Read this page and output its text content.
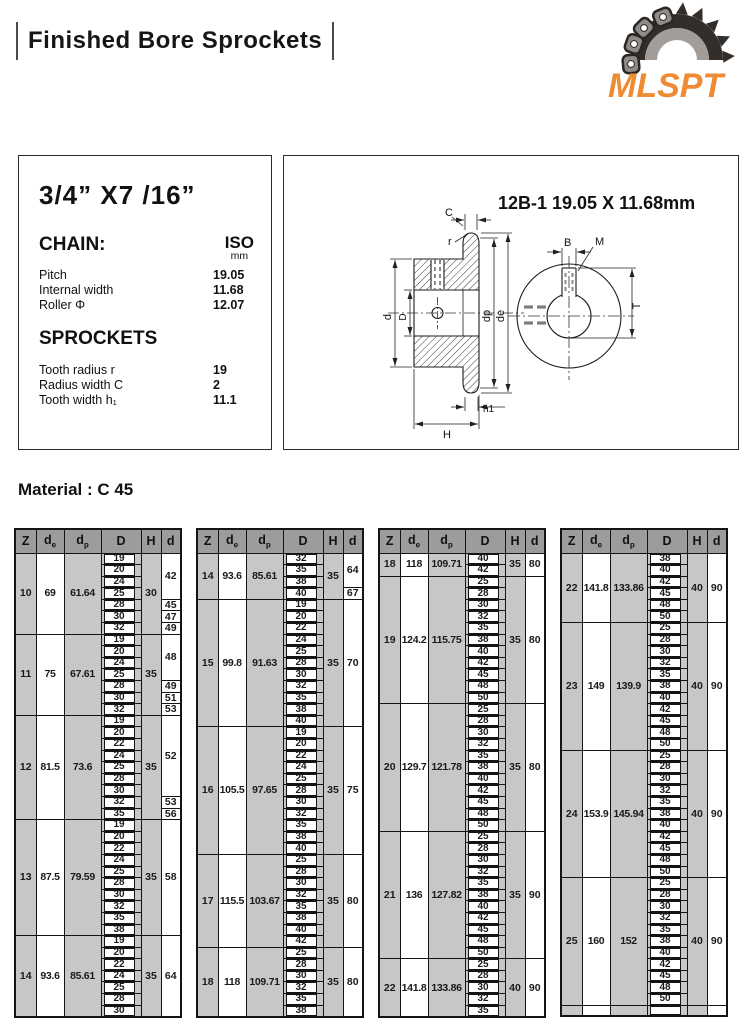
Finished Bore Sprockets
MLSPT
3/4” X7 /16”
CHAIN:	ISO
mm
Pitch	19.05
Internal width	11.68
Roller Φ	12.07
SPROCKETS
Tooth radius r	19
Radius width C	2
Tooth width h₁	11.1
12B-1 19.05 X 11.68mm
C
r
d D	dp de
h1
H
B M
T
Material : C 45
Z	$d_e$	$d_p$	D	H	d
10	69	61.64	19	30	42

20		

24		

25		

28		45

30		47

32		49
11	75	67.61	19	35	48

20		

24		

25		

28		49

30		51

32		53
12	81.5	73.6	19	35	52

20		

22		

24		

25		

28		

30		

32		53

35		56
13	87.5	79.59	19	35	58

20		

22		

24		

25		

28		

30		

32		

35		

38		

14	93.6	85.61	19	35	64

20		

22		

24		

25		

28		

30		
Z	$d_e$	$d_p$	D	H	d
14	93.6	85.61	32	35	64

35		

38		

40		67
15	99.8	91.63	19	35	70

20		

22		

24		

25		

28		

30		

32		

35		

38		

40		

16	105.5	97.65	19	35	75

20		

22		

24		

25		

28		

30		

32		

35		

38		

40		

17	115.5	103.67	25	35	80

28		

30		

32		

35		

38		

40		

42		

18	118	109.71	25	35	80

28		

30		

32		

35		

38		
Z	$d_e$	$d_p$	D	H	d
18	118	109.71	40	35	80

42		

19	124.2	115.75	25	35	80

28		

30		

32		

35		

38		

40		

42		

45		

48		

50		

20	129.7	121.78	25	35	80

28		

30		

32		

35		

38		

40		

42		

45		

48		

50		

21	136	127.82	25	35	90

28		

30		

32		

35		

38		

40		

42		

45		

48		

50		

22	141.8	133.86	25	40	90

28		

30		

32		

35		
Z	$d_e$	$d_p$	D	H	d
22	141.8	133.86	38	40	90

40		

42		

45		

48		

50		

23	149	139.9	25	40	90

28		

30		

32		

35		

38		

40		

42		

45		

48		

50		

24	153.9	145.94	25	40	90

28		

30		

32		

35		

38		

40		

42		

45		

48		

50		

25	160	152	25	40	90

28		

30		

32		

35		

38		

40		

42		

45		

48		

50		
